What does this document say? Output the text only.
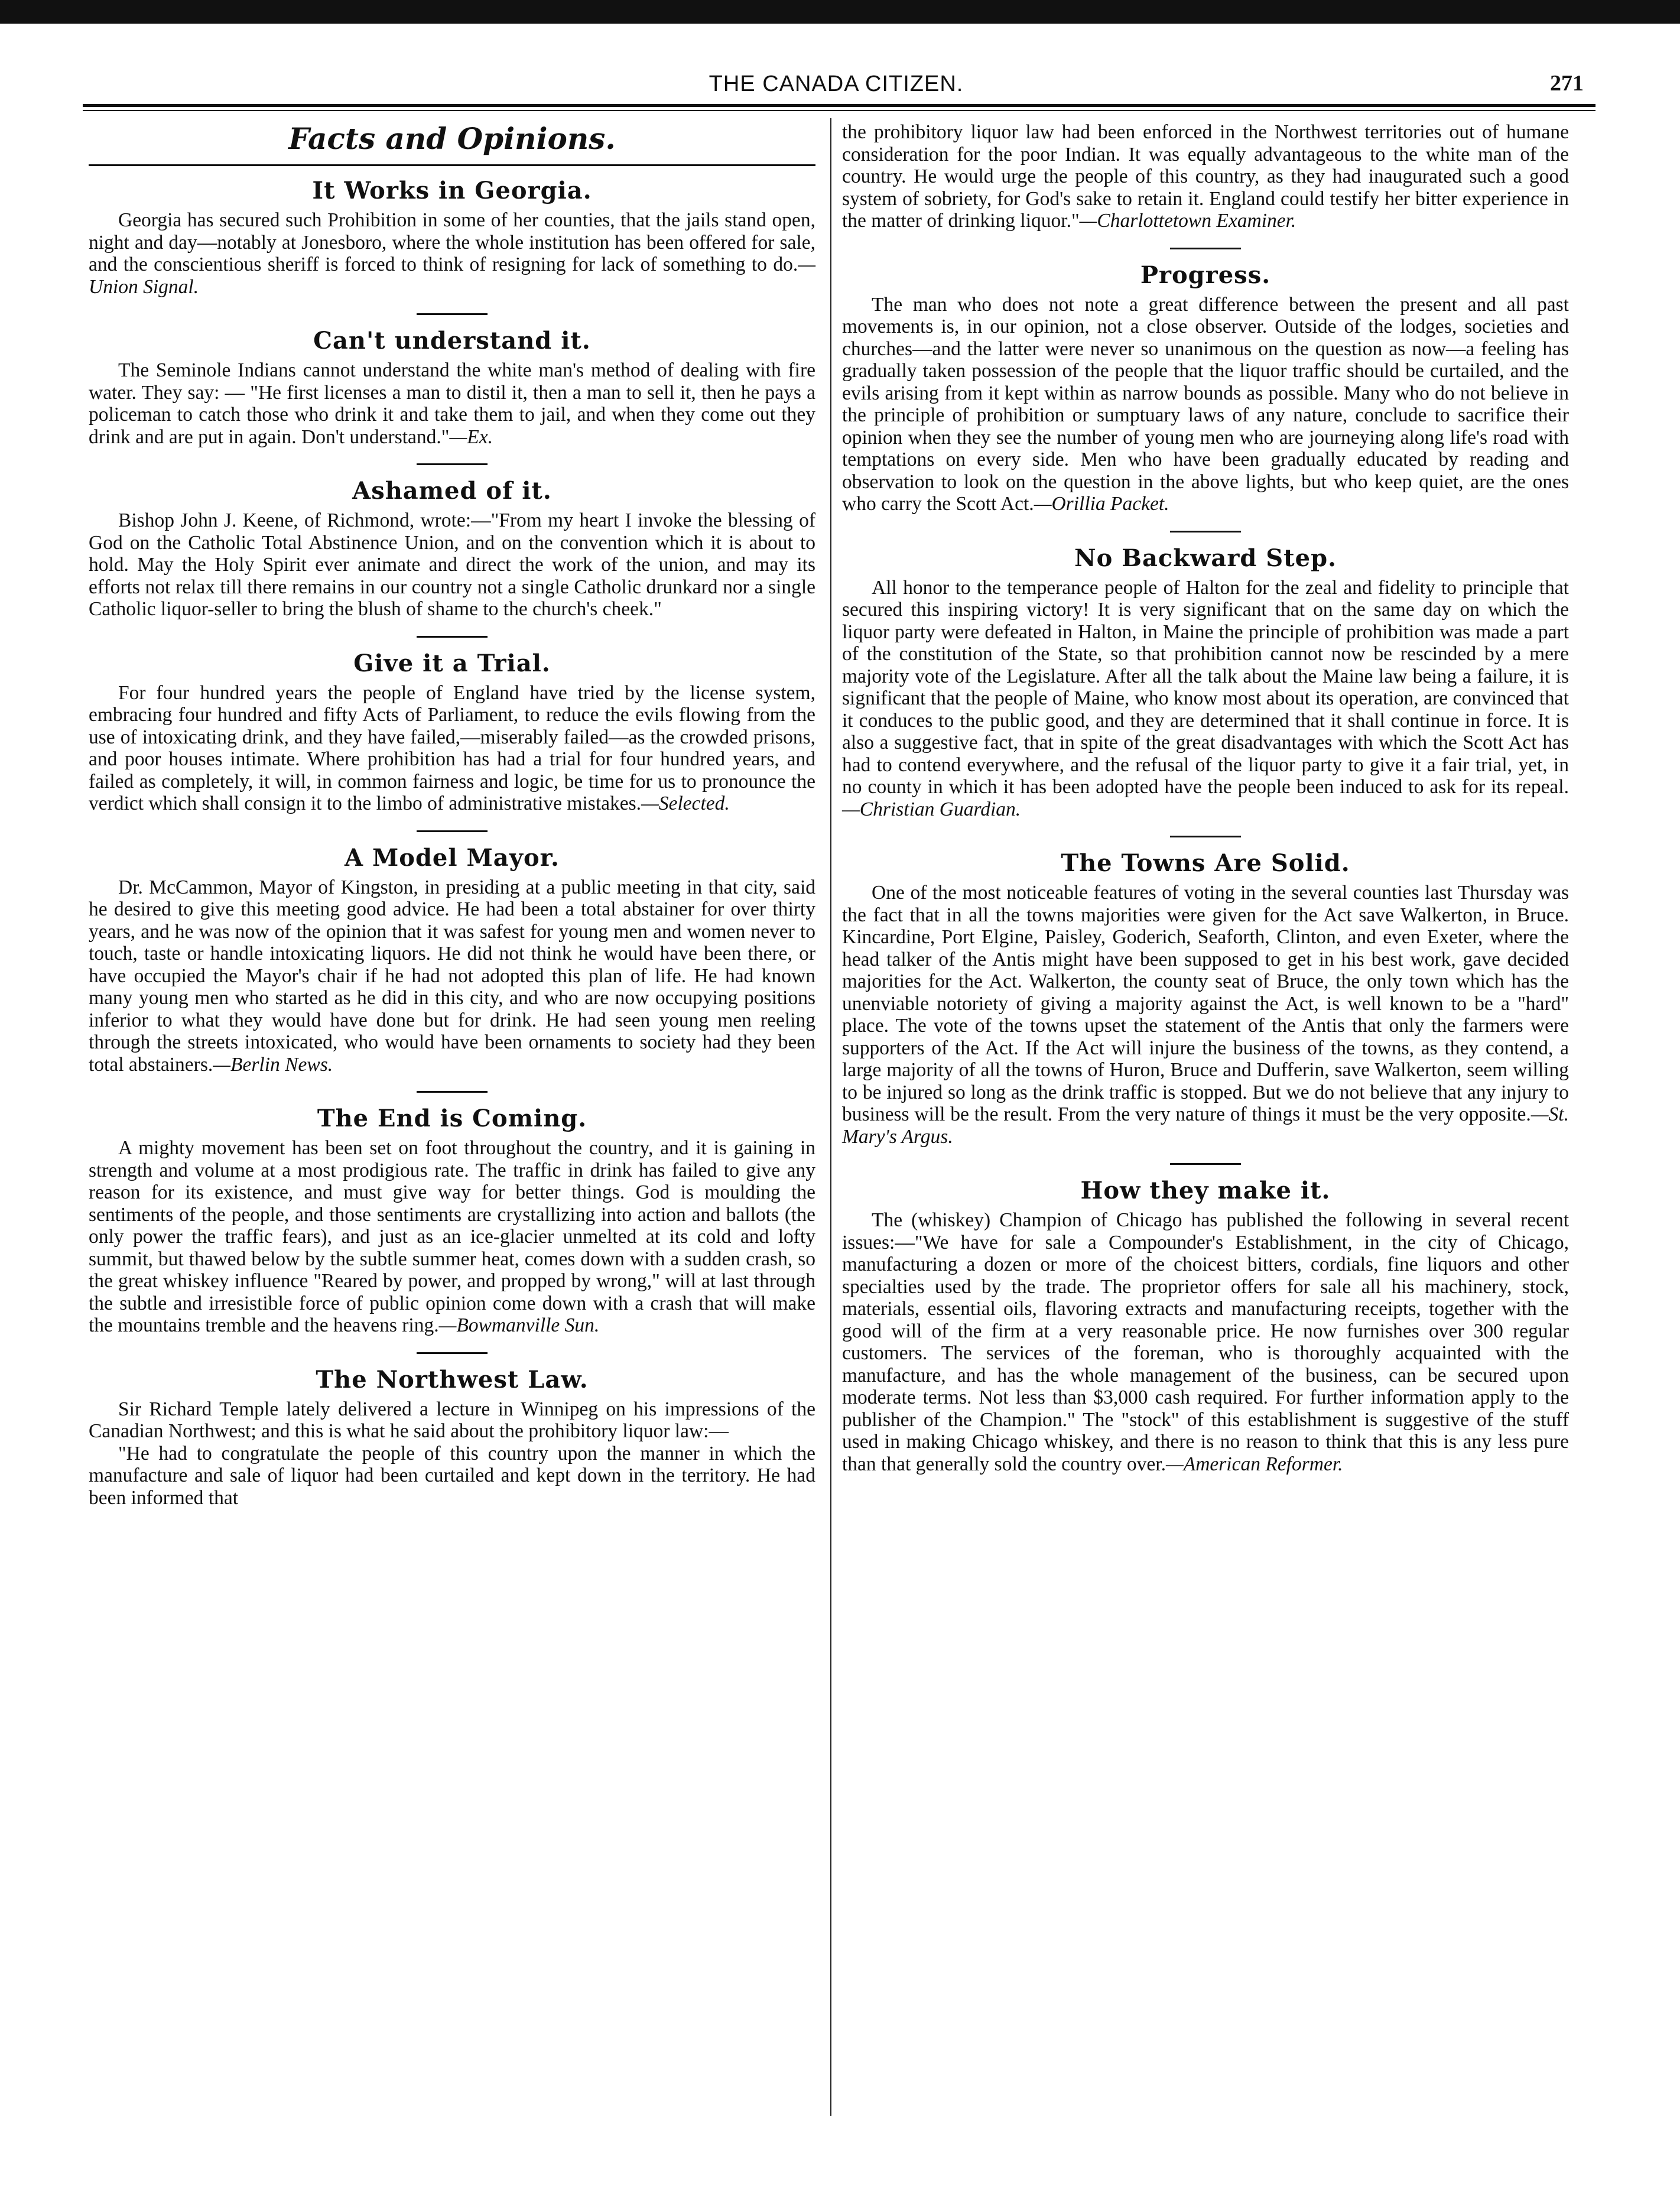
THE CANADA CITIZEN.	271
Facts and Opinions.
It Works in Georgia.

Georgia has secured such Prohibition in some of her counties, that the jails stand open, night and day—notably at Jonesboro, where the whole institution has been offered for sale, and the conscientious sheriff is forced to think of resigning for lack of something to do.—Union Signal.

Can't understand it.

The Seminole Indians cannot understand the white man's method of dealing with fire water. They say: — "He first licenses a man to distil it, then a man to sell it, then he pays a policeman to catch those who drink it and take them to jail, and when they come out they drink and are put in again. Don't understand."—Ex.

Ashamed of it.

Bishop John J. Keene, of Richmond, wrote:—"From my heart I invoke the blessing of God on the Catholic Total Abstinence Union, and on the convention which it is about to hold. May the Holy Spirit ever animate and direct the work of the union, and may its efforts not relax till there remains in our country not a single Catholic drunkard nor a single Catholic liquor-seller to bring the blush of shame to the church's cheek."

Give it a Trial.

For four hundred years the people of England have tried by the license system, embracing four hundred and fifty Acts of Parliament, to reduce the evils flowing from the use of intoxicating drink, and they have failed,—miserably failed—as the crowded prisons, and poor houses intimate. Where prohibition has had a trial for four hundred years, and failed as completely, it will, in common fairness and logic, be time for us to pronounce the verdict which shall consign it to the limbo of administrative mistakes.—Selected.

A Model Mayor.

Dr. McCammon, Mayor of Kingston, in presiding at a public meeting in that city, said he desired to give this meeting good advice. He had been a total abstainer for over thirty years, and he was now of the opinion that it was safest for young men and women never to touch, taste or handle intoxicating liquors. He did not think he would have been there, or have occupied the Mayor's chair if he had not adopted this plan of life. He had known many young men who started as he did in this city, and who are now occupying positions inferior to what they would have done but for drink. He had seen young men reeling through the streets intoxicated, who would have been ornaments to society had they been total abstainers.—Berlin News.

The End is Coming.

A mighty movement has been set on foot throughout the country, and it is gaining in strength and volume at a most prodigious rate. The traffic in drink has failed to give any reason for its existence, and must give way for better things. God is moulding the sentiments of the people, and those sentiments are crystallizing into action and ballots (the only power the traffic fears), and just as an ice-glacier unmelted at its cold and lofty summit, but thawed below by the subtle summer heat, comes down with a sudden crash, so the great whiskey influence "Reared by power, and propped by wrong," will at last through the subtle and irresistible force of public opinion come down with a crash that will make the mountains tremble and the heavens ring.—Bowmanville Sun.

The Northwest Law.

Sir Richard Temple lately delivered a lecture in Winnipeg on his impressions of the Canadian Northwest; and this is what he said about the prohibitory liquor law:—

"He had to congratulate the people of this country upon the manner in which the manufacture and sale of liquor had been curtailed and kept down in the territory. He had been informed that

the prohibitory liquor law had been enforced in the Northwest territories out of humane consideration for the poor Indian. It was equally advantageous to the white man of the country. He would urge the people of this country, as they had inaugurated such a good system of sobriety, for God's sake to retain it. England could testify her bitter experience in the matter of drinking liquor."—Charlottetown Examiner.

Progress.

The man who does not note a great difference between the present and all past movements is, in our opinion, not a close observer. Outside of the lodges, societies and churches—and the latter were never so unanimous on the question as now—a feeling has gradually taken possession of the people that the liquor traffic should be curtailed, and the evils arising from it kept within as narrow bounds as possible. Many who do not believe in the principle of prohibition or sumptuary laws of any nature, conclude to sacrifice their opinion when they see the number of young men who are journeying along life's road with temptations on every side. Men who have been gradually educated by reading and observation to look on the question in the above lights, but who keep quiet, are the ones who carry the Scott Act.—Orillia Packet.

No Backward Step.

All honor to the temperance people of Halton for the zeal and fidelity to principle that secured this inspiring victory! It is very significant that on the same day on which the liquor party were defeated in Halton, in Maine the principle of prohibition was made a part of the constitution of the State, so that prohibition cannot now be rescinded by a mere majority vote of the Legislature. After all the talk about the Maine law being a failure, it is significant that the people of Maine, who know most about its operation, are convinced that it conduces to the public good, and they are determined that it shall continue in force. It is also a suggestive fact, that in spite of the great disadvantages with which the Scott Act has had to contend everywhere, and the refusal of the liquor party to give it a fair trial, yet, in no county in which it has been adopted have the people been induced to ask for its repeal.—Christian Guardian.

The Towns Are Solid.

One of the most noticeable features of voting in the several counties last Thursday was the fact that in all the towns majorities were given for the Act save Walkerton, in Bruce. Kincardine, Port Elgine, Paisley, Goderich, Seaforth, Clinton, and even Exeter, where the head talker of the Antis might have been supposed to get in his best work, gave decided majorities for the Act. Walkerton, the county seat of Bruce, the only town which has the unenviable notoriety of giving a majority against the Act, is well known to be a "hard" place. The vote of the towns upset the statement of the Antis that only the farmers were supporters of the Act. If the Act will injure the business of the towns, as they contend, a large majority of all the towns of Huron, Bruce and Dufferin, save Walkerton, seem willing to be injured so long as the drink traffic is stopped. But we do not believe that any injury to business will be the result. From the very nature of things it must be the very opposite.—St. Mary's Argus.

How they make it.

The (whiskey) Champion of Chicago has published the following in several recent issues:—"We have for sale a Compounder's Establishment, in the city of Chicago, manufacturing a dozen or more of the choicest bitters, cordials, fine liquors and other specialties used by the trade. The proprietor offers for sale all his machinery, stock, materials, essential oils, flavoring extracts and manufacturing receipts, together with the good will of the firm at a very reasonable price. He now furnishes over 300 regular customers. The services of the foreman, who is thoroughly acquainted with the manufacture, and has the whole management of the business, can be secured upon moderate terms. Not less than $3,000 cash required. For further information apply to the publisher of the Champion." The "stock" of this establishment is suggestive of the stuff used in making Chicago whiskey, and there is no reason to think that this is any less pure than that generally sold the country over.—American Reformer.
